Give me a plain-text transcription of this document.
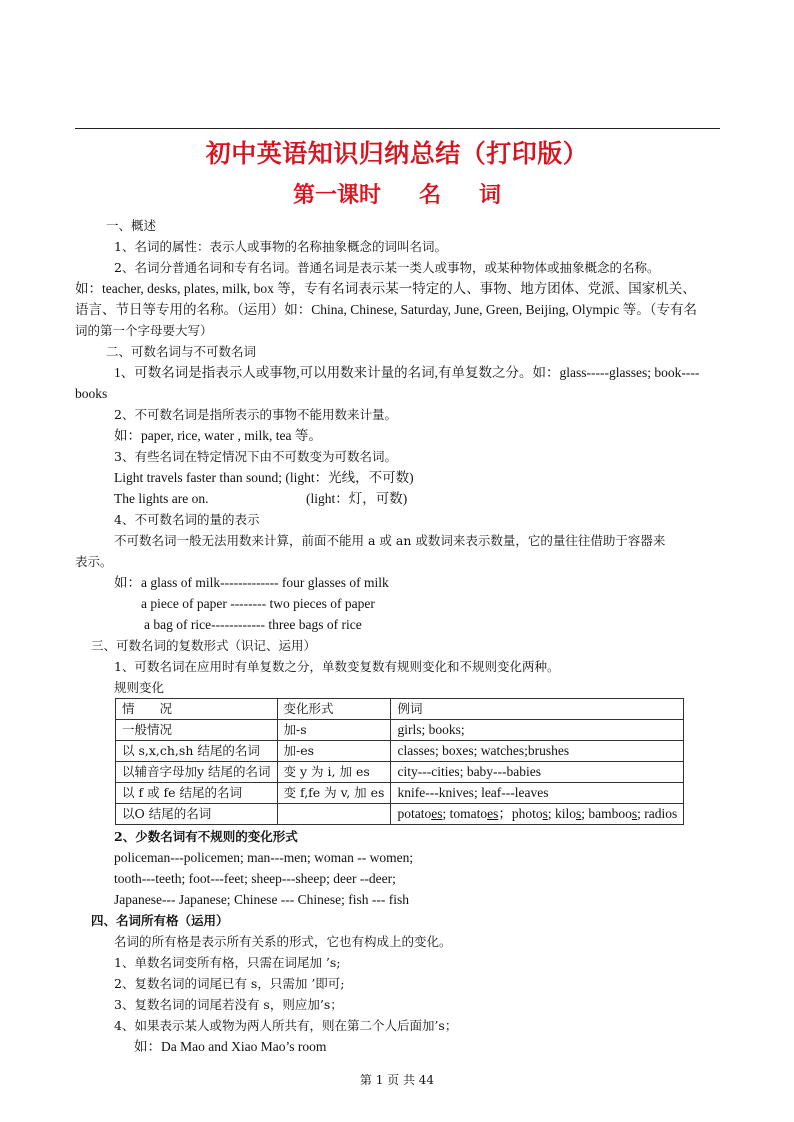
初中英语知识归纳总结（打印版）
第一课时 名 词
一、概述
1、名词的属性：表示人或事物的名称抽象概念的词叫名词。
2、名词分普通名词和专有名词。普通名词是表示某一类人或事物，或某种物体或抽象概念的名称。
如：teacher, desks, plates, milk, box 等，专有名词表示某一特定的人、事物、地方团体、党派、国家机关、
语言、节日等专用的名称。（运用）如：China, Chinese, Saturday, June, Green, Beijing, Olympic 等。（专有名
词的第一个字母要大写）
二、可数名词与不可数名词
1、可数名词是指表示人或事物,可以用数来计量的名词,有单复数之分。如：glass-----glasses; book----
books
2、不可数名词是指所表示的事物不能用数来计量。
如：paper, rice, water , milk, tea 等。
3、有些名词在特定情况下由不可数变为可数名词。
Light travels faster than sound; (light：光线，不可数)
The lights are on.	(light：灯，可数)
4、不可数名词的量的表示
不可数名词一般无法用数来计算，前面不能用 a 或 an 或数词来表示数量，它的量往往借助于容器来
表示。
如：a glass of milk------------- four glasses of milk
a piece of paper -------- two pieces of paper
a bag of rice------------ three bags of rice
三、可数名词的复数形式（识记、运用）
1、可数名词在应用时有单复数之分，单数变复数有规则变化和不规则变化两种。
规则变化
情　　况	变化形式	例词
一般情况	加-s	girls; books;
以 s,x,ch,sh 结尾的名词	加-es	classes; boxes; watches;brushes
以辅音字母加y 结尾的名词	变 y 为 i, 加 es	city---cities; baby---babies
以 f 或 fe 结尾的名词	变 f,fe 为 v, 加 es	knife---knives; leaf---leaves
以O 结尾的名词		potatoes; tomatoes；photos; kilos; bamboos; radios
2、少数名词有不规则的变化形式
policeman---policemen; man---men; woman -- women;
tooth---teeth; foot---feet; sheep---sheep; deer --deer;
Japanese--- Japanese; Chinese --- Chinese; fish --- fish
四、名词所有格（运用）
名词的所有格是表示所有关系的形式，它也有构成上的变化。
1、单数名词变所有格，只需在词尾加 ’s;
2、复数名词的词尾已有 s，只需加 ’即可;
3、复数名词的词尾若没有 s，则应加’s；
4、如果表示某人或物为两人所共有，则在第二个人后面加’s；
如：Da Mao and Xiao Mao’s room
第 1 页 共 44
